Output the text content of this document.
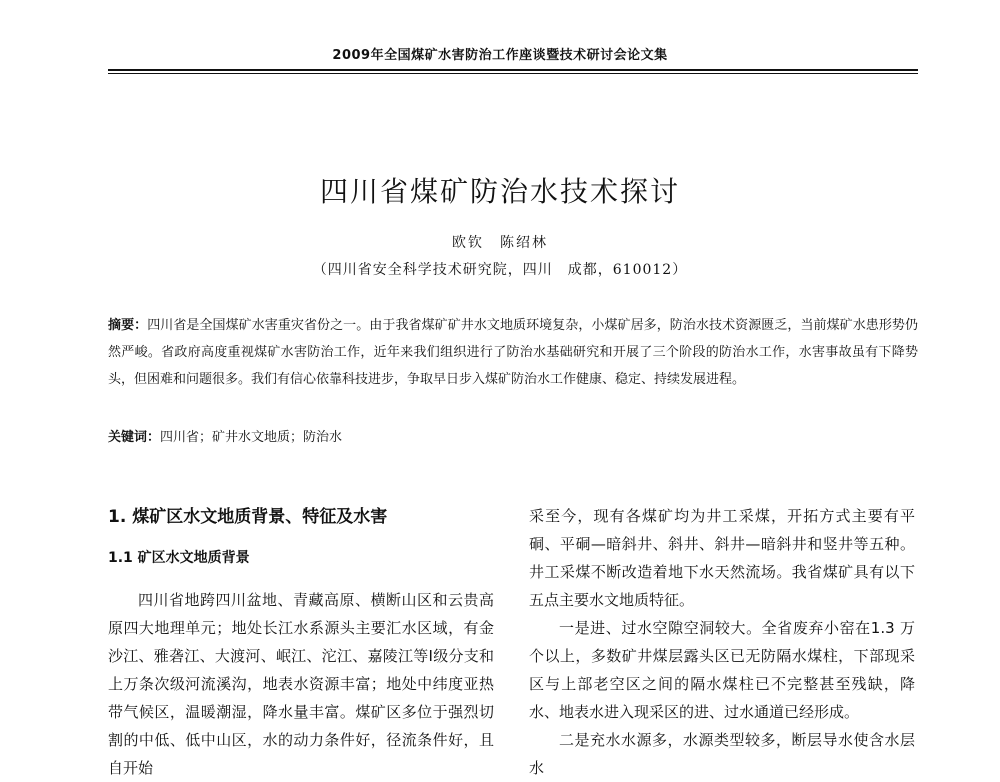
2009年全国煤矿水害防治工作座谈暨技术研讨会论文集
四川省煤矿防治水技术探讨
欧钦　陈绍林
（四川省安全科学技术研究院，四川　成都，610012）
摘要：四川省是全国煤矿水害重灾省份之一。由于我省煤矿矿井水文地质环境复杂，小煤矿居多，防治水技术资源匮乏，当前煤矿水患形势仍然严峻。省政府高度重视煤矿水害防治工作，近年来我们组织进行了防治水基础研究和开展了三个阶段的防治水工作，水害事故虽有下降势头，但困难和问题很多。我们有信心依靠科技进步，争取早日步入煤矿防治水工作健康、稳定、持续发展进程。
关键词：四川省；矿井水文地质；防治水
1. 煤矿区水文地质背景、特征及水害
1.1 矿区水文地质背景

四川省地跨四川盆地、青藏高原、横断山区和云贵高原四大地理单元；地处长江水系源头主要汇水区域，有金沙江、雅砻江、大渡河、岷江、沱江、嘉陵江等Ⅰ级分支和上万条次级河流溪沟，地表水资源丰富；地处中纬度亚热带气候区，温暖潮湿，降水量丰富。煤矿区多位于强烈切割的中低、低中山区，水的动力条件好，径流条件好，且自开始

采至今，现有各煤矿均为井工采煤，开拓方式主要有平硐、平硐—暗斜井、斜井、斜井—暗斜井和竖井等五种。井工采煤不断改造着地下水天然流场。我省煤矿具有以下五点主要水文地质特征。

一是进、过水空隙空洞较大。全省废弃小窑在1.3 万个以上，多数矿井煤层露头区已无防隔水煤柱，下部现采区与上部老空区之间的隔水煤柱已不完整甚至残缺，降水、地表水进入现采区的进、过水通道已经形成。

二是充水水源多，水源类型较多，断层导水使含水层水
